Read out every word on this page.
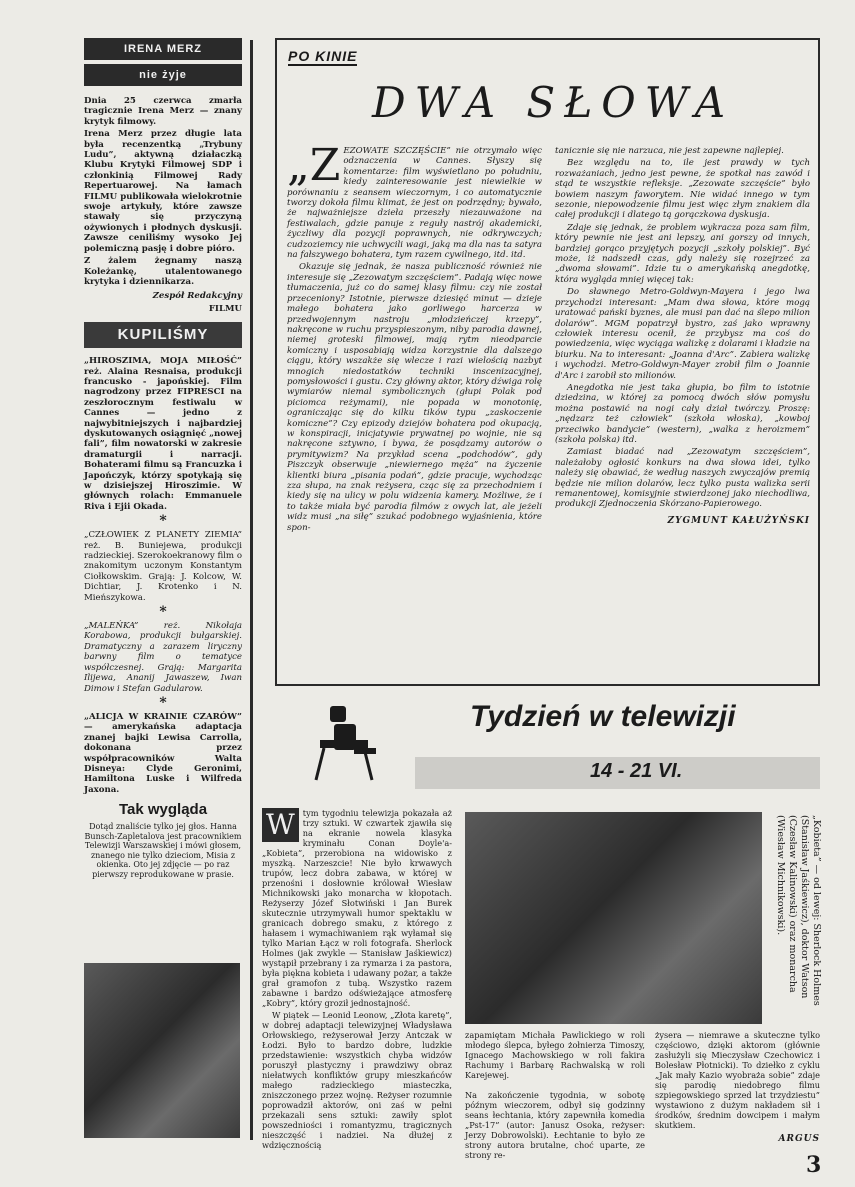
IRENA MERZ
nie żyje

Dnia 25 czerwca zmarła tragicznie Irena Merz — znany krytyk filmowy.

Irena Merz przez długie lata była recenzentką „Trybuny Ludu”, aktywną działaczką Klubu Krytyki Filmowej SDP i członkinią Filmowej Rady Repertuarowej. Na łamach FILMU publikowała wielokrotnie swoje artykuły, które zawsze stawały się przyczyną ożywionych i płodnych dyskusji. Zawsze ceniliśmy wysoko Jej polemiczną pasję i dobre pióro.

Z żalem żegnamy naszą Koleżankę, utalentowanego krytyka i dziennikarza.

Zespół Redakcyjny
FILMU
KUPILIŚMY

„HIROSZIMA, MOJA MIŁOŚĆ” reż. Alaina Resnaisa, produkcji francusko - japońskiej. Film nagrodzony przez FIPRESCI na zeszłorocznym festiwalu w Cannes — jedno z najwybitniejszych i najbardziej dyskutowanych osiągnięć „nowej fali”, film nowatorski w zakresie dramaturgii i narracji. Bohaterami filmu są Francuzka i Japończyk, którzy spotykają się w dzisiejszej Hiroszimie. W głównych rolach: Emmanuele Riva i Ejii Okada.

*

„CZŁOWIEK Z PLANETY ZIEMIA” reż. B. Buniejewa, produkcji radzieckiej. Szerokoekranowy film o znakomitym uczonym Konstantym Ciołkowskim. Grają: J. Kolcow, W. Dichtiar, J. Krotenko i N. Mieńszykowa.

*

„MALEŃKA” reż. Nikołaja Korabowa, produkcji bułgarskiej. Dramatyczny a zarazem liryczny barwny film o tematyce współczesnej. Grają: Margarita Ilijewa, Ananij Jawaszew, Iwan Dimow i Stefan Gadularow.

*

„ALICJA W KRAINIE CZARÓW” — amerykańska adaptacja znanej bajki Lewisa Carrolla, dokonana przez współpracowników Walta Disneya: Clyde Geronimi, Hamiltona Luske i Wilfreda Jaxona.

Tak wygląda

Dotąd znaliście tylko jej głos. Hanna Bunsch-Zapletalova jest pracownikiem Telewizji Warszawskiej i mówi głosem, znanego nie tylko dzieciom, Misia z okienka. Oto jej zdjęcie — po raz pierwszy reprodukowane w prasie.

PO KINIE
DWA SŁOWA

„Z EZOWATE SZCZĘŚCIE” nie otrzymało więc odznaczenia w Cannes. Słyszy się komentarze: film wyświetlano po południu, kiedy zainteresowanie jest niewielkie w porównaniu z seansem wieczornym, i co automatycznie tworzy dokoła filmu klimat, że jest on podrzędny; bywało, że najważniejsze dzieła przeszły niezauważone na festiwalach, gdzie panuje z reguły nastrój akademicki, życzliwy dla pozycji poprawnych, nie odkrywczych; cudzoziemcy nie uchwycili wagi, jaką ma dla nas ta satyra na fałszywego bohatera, tym razem cywilnego, itd. itd.

Okazuje się jednak, że nasza publiczność również nie interesuje się „Zezowatym szczęściem”. Padają więc nowe tłumaczenia, już co do samej klasy filmu: czy nie został przeceniony? Istotnie, pierwsze dziesięć minut — dzieje małego bohatera jako gorliwego harcerza w przedwojennym nastroju „młodzieńczej krzepy”, nakręcone w ruchu przyspieszonym, niby parodia dawnej, niemej groteski filmowej, mają rytm nieodparcie komiczny i usposabiają widza korzystnie dla dalszego ciągu, który wszakże się wlecze i razi wielością nazbyt mnogich niedostatków techniki inscenizacyjnej, pomysłowości i gustu. Czy główny aktor, który dźwiga rolę wymiarów niemal symbolicznych (głupi Polak pod piciomca reżymami), nie popada w monotonię, ograniczając się do kilku tików typu „zaskoczenie komiczne”? Czy epizody dziejów bohatera pod okupacją, w konspiracji, inicjatywie prywatnej po wojnie, nie są nakręcone sztywno, i bywa, że posądzamy autorów o prymitywizm? Na przykład scena „podchodów”, gdy Piszczyk obserwuje „niewiernego męża” na życzenie klientki biura „pisania podań”, gdzie pracuje, wychodząc zza słupa, na znak reżysera, cząc się za przechodniem i kiedy się na ulicy w polu widzenia kamery. Możliwe, że i to także miała być parodia filmów z owych lat, ale jeżeli widz musi „na siłę” szukać podobnego wyjaśnienia, które spon-

tanicznie się nie narzuca, nie jest zapewne najlepiej.

Bez względu na to, ile jest prawdy w tych rozważaniach, jedno jest pewne, że spotkał nas zawód i stąd te wszystkie refleksje. „Zezowate szczęście” było bowiem naszym faworytem. Nie widać innego w tym sezonie, niepowodzenie filmu jest więc złym znakiem dla całej produkcji i dlatego tą gorączkowa dyskusja.

Zdaje się jednak, że problem wykracza poza sam film, który pewnie nie jest ani lepszy, ani gorszy od innych, bardziej gorąco przyjętych pozycji „szkoły polskiej”. Być może, iż nadszedł czas, gdy należy się rozejrzeć za „dwoma słowami”. Idzie tu o amerykańską anegdotkę, która wygląda mniej więcej tak:

Do sławnego Metro-Goldwyn-Mayera i jego lwa przychodzi interesant: „Mam dwa słowa, które mogą uratować pański byznes, ale musi pan dać na ślepo milion dolarów”. MGM popatrzył bystro, zaś jako wprawny człowiek interesu ocenił, że przybysz ma coś do powiedzenia, więc wyciąga walizkę z dolarami i kładzie na biurku. Na to interesant: „Joanna d'Arc”. Zabiera walizkę i wychodzi. Metro-Goldwyn-Mayer zrobił film o Joannie d'Arc i zarobił sto milionów.

Anegdotka nie jest taka głupia, bo film to istotnie dziedzina, w której za pomocą dwóch słów pomysłu można postawić na nogi cały dział twórczy. Proszę: „nędzarz też człowiek” (szkoła włoska), „kowboj przeciwko bandycie” (western), „walka z heroizmem” (szkoła polska) itd.

Zamiast biadać nad „Zezowatym szczęściem”, należałoby ogłosić konkurs na dwa słowa idei, tylko należy się obawiać, że według naszych zwyczajów premią będzie nie milion dolarów, lecz tylko pusta walizka serii remanentowej, komisyjnie stwierdzonej jako niechodliwa, produkcji Zjednoczenia Skórzano-Papierowego.

ZYGMUNT KAŁUŻYŃSKI
Tydzień w telewizji
14 - 21 VI.

W tym tygodniu telewizja pokazała aż trzy sztuki. W czwartek zjawiła się na ekranie nowela klasyka kryminału Conan Doyle'a-„Kobieta”, przerobiona na widowisko z myszką. Narzeszcie! Nie było krwawych trupów, lecz dobra zabawa, w której w przenośni i dosłownie królował Wiesław Michnikowski jako monarcha w kłopotach. Reżyserzy Józef Słotwiński i Jan Burek skutecznie utrzymywali humor spektaklu w granicach dobrego smaku, z którego z hałasem i wymachiwaniem rąk wyłamał się tylko Marian Łącz w roli fotografa. Sherlock Holmes (jak zwykle — Stanisław Jaśkiewicz) wystąpił przebrany i za rymarza i za pastora, była piękna kobieta i udawany pożar, a także grał gramofon z tubą. Wszystko razem zabawne i bardzo odświeżające atmosferę „Kobry”, który groził jednostajność.

W piątek — Leonid Leonow, „Złota karetę”, w dobrej adaptacji telewizyjnej Władysława Orłowskiego, reżyserował Jerzy Antczak w Łodzi. Było to bardzo dobre, ludzkie przedstawienie: wszystkich chyba widzów poruszył plastyczny i prawdziwy obraz niełatwych konfliktów grupy mieszkańców małego radzieckiego miasteczka, zniszczonego przez wojnę. Reżyser rozumnie poprowadził aktorów, oni zaś w pełni przekazali sens sztuki: zawiły splot powszedniości i romantyzmu, tragicznych nieszczęść i nadziei. Na dłużej z wdzięcznością

„Kobieta” — od lewej: Sherlock Holmes (Stanisław Jaśkiewicz), doktor Watson (Czesław Kalinowski) oraz monarcha (Wiesław Michnikowski).

zapamiętam Michała Pawlickiego w roli młodego ślepca, byłego żołnierza Timoszy, Ignacego Machowskiego w roli fakira Rachumy i Barbarę Rachwalską w roli Karejewej.

Na zakończenie tygodnia, w sobotę późnym wieczorem, odbył się godzinny seans łechtania, który zapewniła komedia „Pst-17” (autor: Janusz Osoka, reżyser: Jerzy Dobrowolski). Łechtanie to było ze strony autora brutalne, choć uparte, ze strony re-

żysera — niemrawe a skuteczne tylko częściowo, dzięki aktorom (głównie zasłużyli się Mieczysław Czechowicz i Bolesław Płotnicki). To dziełko z cyklu „Jak mały Kazio wyobraża sobie” zdaje się parodię niedobrego filmu szpiegowskiego sprzed lat trzydziestu” wystawiono z dużym nakładem sił i środków, średnim dowcipem i małym skutkiem.

ARGUS
3
